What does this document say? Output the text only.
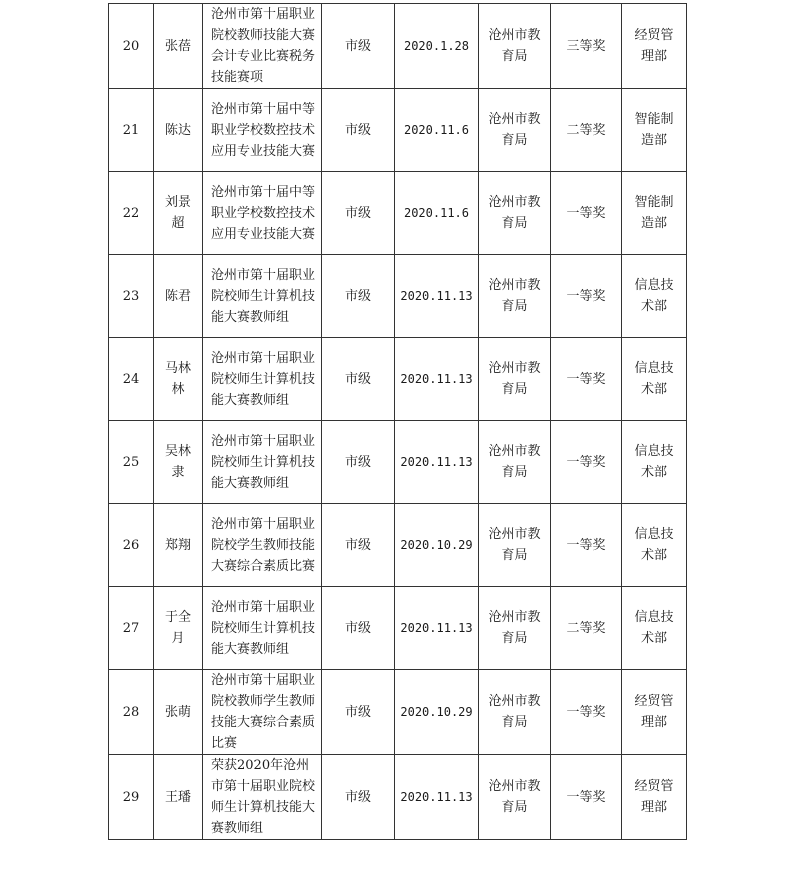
20	张蓓	沧州市第十届职业院校教师技能大赛会计专业比赛税务技能赛项	市级	2020.1.28	沧州市教育局	三等奖	经贸管理部
21	陈达	沧州市第十届中等职业学校数控技术应用专业技能大赛	市级	2020.11.6	沧州市教育局	二等奖	智能制造部
22	刘景超	沧州市第十届中等职业学校数控技术应用专业技能大赛	市级	2020.11.6	沧州市教育局	一等奖	智能制造部
23	陈君	沧州市第十届职业院校师生计算机技能大赛教师组	市级	2020.11.13	沧州市教育局	一等奖	信息技术部
24	马林林	沧州市第十届职业院校师生计算机技能大赛教师组	市级	2020.11.13	沧州市教育局	一等奖	信息技术部
25	吴林隶	沧州市第十届职业院校师生计算机技能大赛教师组	市级	2020.11.13	沧州市教育局	一等奖	信息技术部
26	郑翔	沧州市第十届职业院校学生教师技能大赛综合素质比赛	市级	2020.10.29	沧州市教育局	一等奖	信息技术部
27	于全月	沧州市第十届职业院校师生计算机技能大赛教师组	市级	2020.11.13	沧州市教育局	二等奖	信息技术部
28	张萌	沧州市第十届职业院校教师学生教师技能大赛综合素质比赛	市级	2020.10.29	沧州市教育局	一等奖	经贸管理部
29	王璠	荣获2020年沧州市第十届职业院校师生计算机技能大赛教师组	市级	2020.11.13	沧州市教育局	一等奖	经贸管理部
